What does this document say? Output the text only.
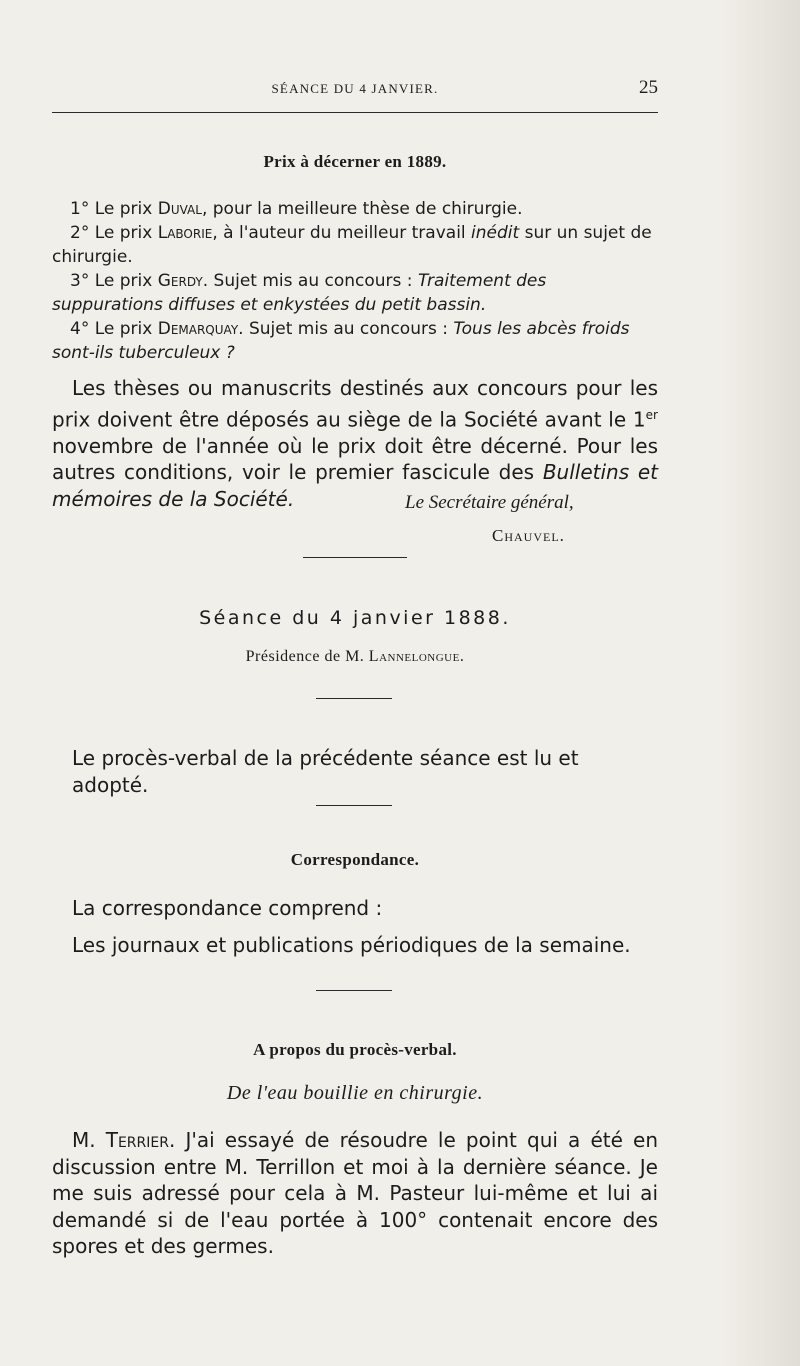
SÉANCE DU 4 JANVIER.	25
Prix à décerner en 1889.

1° Le prix Duval, pour la meilleure thèse de chirurgie.

2° Le prix Laborie, à l'auteur du meilleur travail inédit sur un sujet de chirurgie.

3° Le prix Gerdy. Sujet mis au concours : Traitement des suppurations diffuses et enkystées du petit bassin.

4° Le prix Demarquay. Sujet mis au concours : Tous les abcès froids sont-ils tuberculeux ?

Les thèses ou manuscrits destinés aux concours pour les prix doivent être déposés au siège de la Société avant le 1er novembre de l'année où le prix doit être décerné. Pour les autres conditions, voir le premier fascicule des Bulletins et mémoires de la Société.	Le Secrétaire général,
Chauvel.
Séance du 4 janvier 1888.
Présidence de M. Lannelongue.
Le procès-verbal de la précédente séance est lu et adopté.
Correspondance.
La correspondance comprend :
Les journaux et publications périodiques de la semaine.
A propos du procès-verbal.
De l'eau bouillie en chirurgie.

M. Terrier. J'ai essayé de résoudre le point qui a été en discussion entre M. Terrillon et moi à la dernière séance. Je me suis adressé pour cela à M. Pasteur lui-même et lui ai demandé si de l'eau portée à 100° contenait encore des spores et des germes.
